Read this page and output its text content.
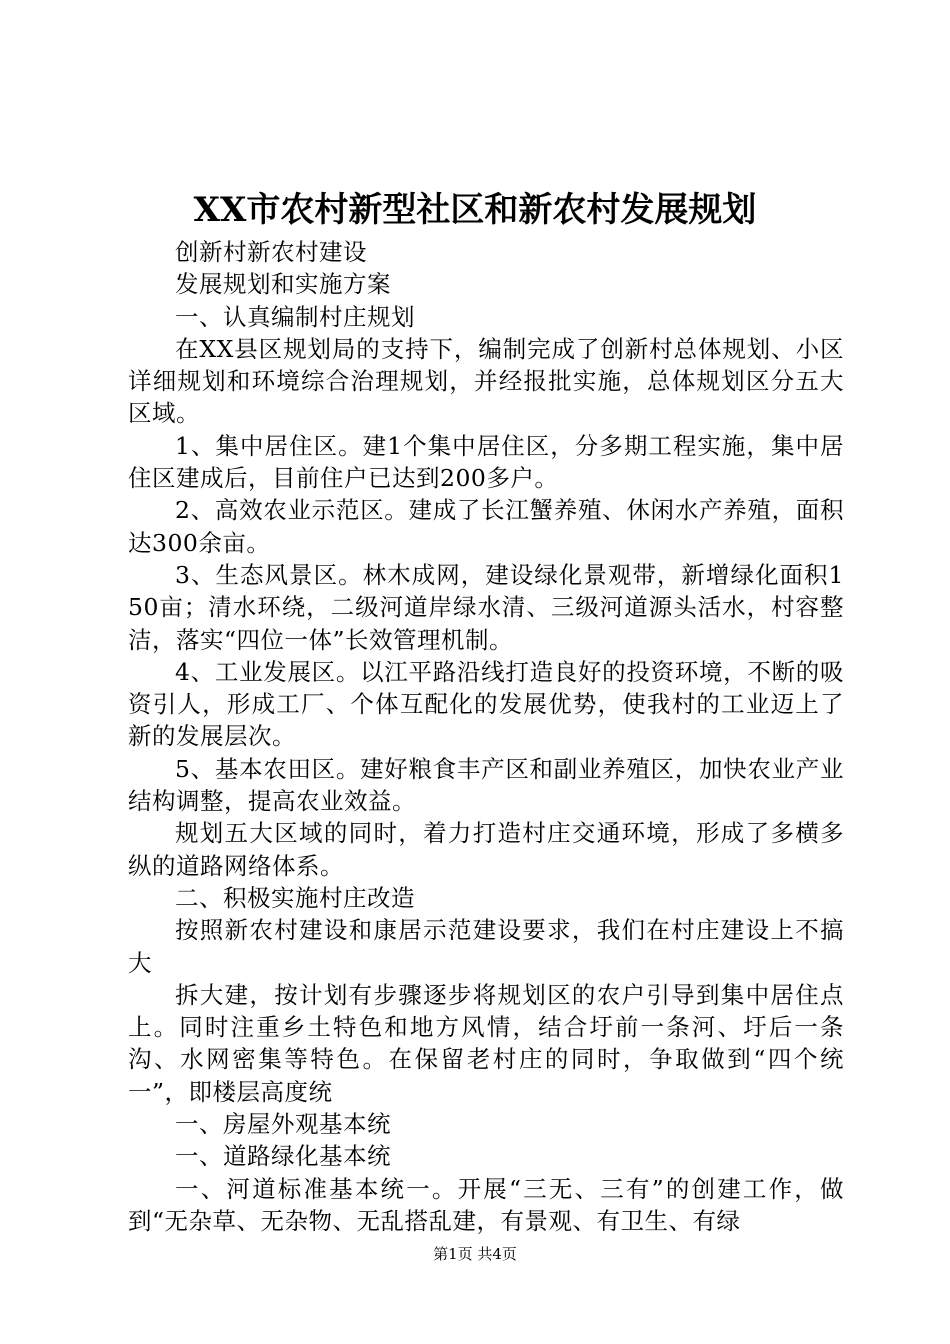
XX市农村新型社区和新农村发展规划

创新村新农村建设

发展规划和实施方案

一、认真编制村庄规划

在XX县区规划局的支持下，编制完成了创新村总体规划、小区详细规划和环境综合治理规划，并经报批实施，总体规划区分五大区域。

1、集中居住区。建1个集中居住区，分多期工程实施，集中居住区建成后，目前住户已达到200多户。

2、高效农业示范区。建成了长江蟹养殖、休闲水产养殖，面积达300余亩。

3、生态风景区。林木成网，建设绿化景观带，新增绿化面积150亩；清水环绕，二级河道岸绿水清、三级河道源头活水，村容整洁，落实“四位一体”长效管理机制。

4、工业发展区。以江平路沿线打造良好的投资环境，不断的吸资引人，形成工厂、个体互配化的发展优势，使我村的工业迈上了新的发展层次。

5、基本农田区。建好粮食丰产区和副业养殖区，加快农业产业结构调整，提高农业效益。

规划五大区域的同时，着力打造村庄交通环境，形成了多横多纵的道路网络体系。

二、积极实施村庄改造

按照新农村建设和康居示范建设要求，我们在村庄建设上不搞大

拆大建，按计划有步骤逐步将规划区的农户引导到集中居住点上。同时注重乡土特色和地方风情，结合圩前一条河、圩后一条沟、水网密集等特色。在保留老村庄的同时，争取做到“四个统一”，即楼层高度统

一、房屋外观基本统

一、道路绿化基本统

一、河道标准基本统一。开展“三无、三有”的创建工作，做到“无杂草、无杂物、无乱搭乱建，有景观、有卫生、有绿

第1页 共4页
